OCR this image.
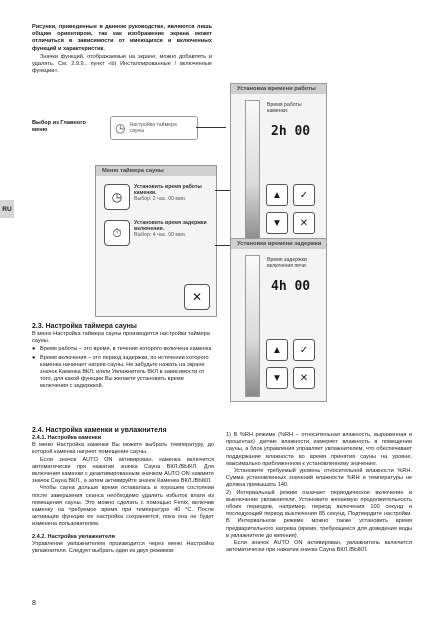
RU
Рисунки, приведенные в данном руководстве, являются лишь общим ориентиром, так как изображение экрана может отличаться в зависимости от имеющихся и включенных функций и характеристик.
Значки функций, отображаемые на экране, можно добавлять и удалять. См. 2.9.9., пункт «b) Инсталлированные / включенные функции».
Выбор из Главного меню	◷ Настройка таймера сауны
Меню таймера сауны
◷
Установить время работы каменки.
Выбор: 2 час. 00 мин.
⏱
Установить время задержки включения.
Выбор: 4 час. 00 мин.
✕
Установка времени работы
Время работы каменки:
2h 00
▲ ✓
▼ ✕
Установка времени задержки
Время задержки включения печи:
4h 00
▲ ✓
▼ ✕
2.3. Настройка таймера сауны
В меню Настройка таймера сауны производятся настройки таймера сауны.
● Время работы – это время, в течение которого включена каменка
● Время включения – это период задержки, по истечении которого каменка начинает нагрев сауны. Не забудьте нажать на экране значок Каменка ВКЛ. и/или Увлажнитель ВКЛ в зависимости от того, для какой функции Вы желаете установить время включения с задержкой.
2.4. Настройка каменки и увлажнителя
2.4.1. Настройка каменки
В меню Настройка каменки Вы можете выбрать температуру, до которой каменка нагреет помещение сауны.
Если значок AUTO ON активирован, каменка включится автоматически при нажатии значка Сауна ВКЛ./ВЫКЛ. Для включения каменки с деактивированным значком AUTO ON нажмите значок Сауна ВКЛ., а затем активируйте значок Каменка ВКЛ./ВЫКЛ.
Чтобы сауна дольше время оставалась в хорошем состоянии после завершения сеанса необходимо удалить избыток влаги из помещения сауны. Это можно сделать с помощью Fenix, включив каменку на требуемое время при температуре 40 °C. После активации функции ее настройка сохраняется, пока она не будет изменена пользователем.
2.4.2. Настройка увлажнителя
Управление увлажнителем производится через меню Настройка увлажнителя. Следует выбрать один из двух режимов:
1) В %RH режиме (%RH – относительная влажность, выраженная в процентах) датчик влажности измеряет влажность в помещении сауны, а блок управления управляет увлажнителем, что обеспечивает поддержание влажности во время принятия сауны на уровне, максимально приближенном к установленному значению.
Установите требуемый уровень относительной влажности %RH. Сумма установленных значений влажности %RH и температуры не должна превышать 140.
2) Интервальный режим означает периодическое включение и выключение увлажнителя. Установите желаемую продолжительность обоих периодов, например, период включения 100 секунд и последующий период выключения 85 секунд. Подтвердите настройки. В Интервальном режиме можно также установить время предварительного нагрева (время, требующееся для доведения воды в увлажнителе до кипения).
Если значок AUTO ON активирован, увлажнитель включится автоматически при нажатии значка Сауна ВКЛ./ВЫКЛ.
8
